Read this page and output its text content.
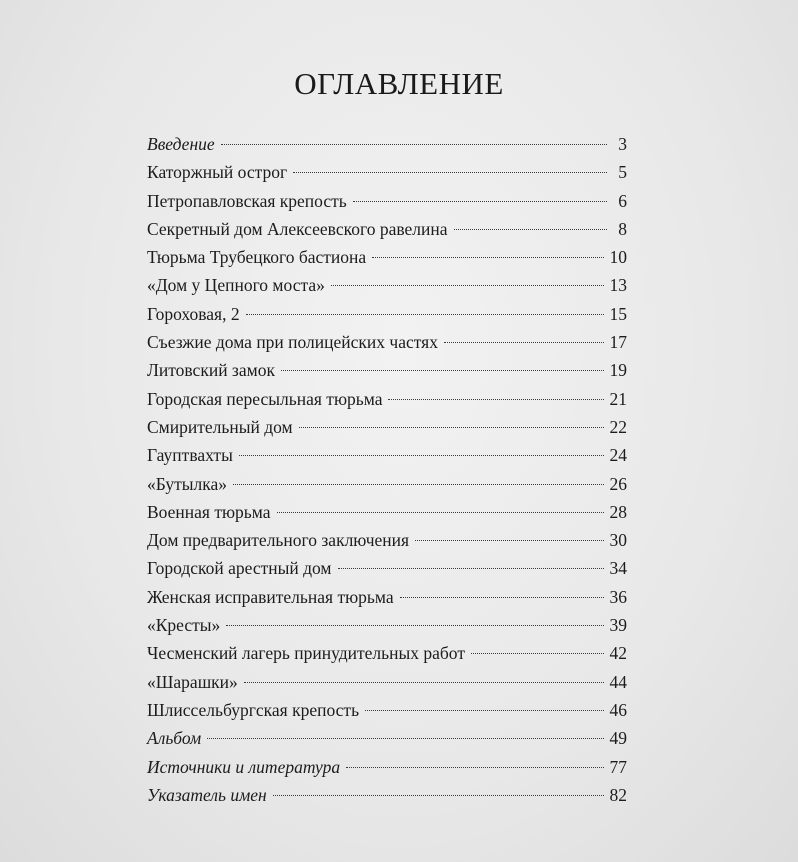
ОГЛАВЛЕНИЕ
Введение	3
Каторжный острог	5
Петропавловская крепость	6
Секретный дом Алексеевского равелина	8
Тюрьма Трубецкого бастиона	10
«Дом у Цепного моста»	13
Гороховая, 2	15
Съезжие дома при полицейских частях	17
Литовский замок	19
Городская пересыльная тюрьма	21
Смирительный дом	22
Гауптвахты	24
«Бутылка»	26
Военная тюрьма	28
Дом предварительного заключения	30
Городской арестный дом	34
Женская исправительная тюрьма	36
«Кресты»	39
Чесменский лагерь принудительных работ	42
«Шарашки»	44
Шлиссельбургская крепость	46
Альбом	49
Источники и литература	77
Указатель имен	82
